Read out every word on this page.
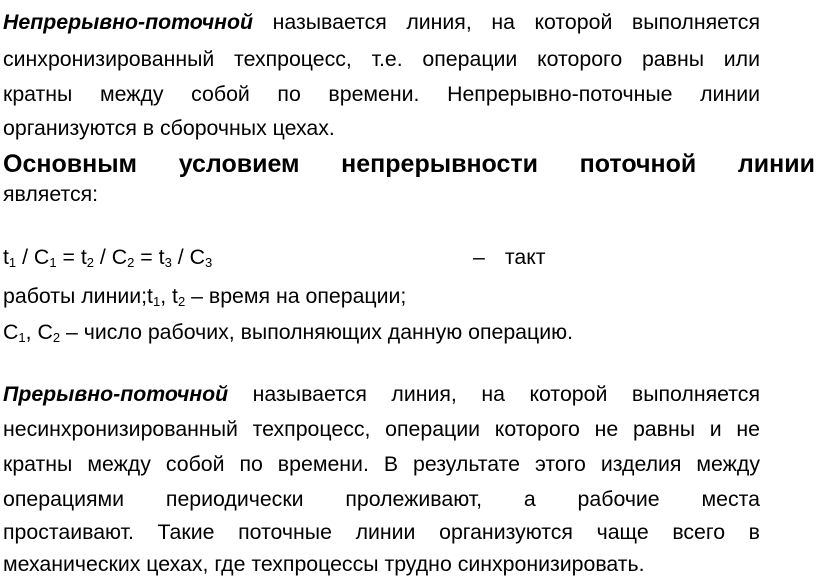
Непрерывно-поточной называется линия, на которой выполняется
синхронизированный техпроцесс, т.е. операции которого равны или
кратны между собой по времени. Непрерывно-поточные линии
организуются в сборочных цехах.
Основным условием непрерывности поточной линии
является:
$t_1 / C_1 = t_2 / C_2 = t_3 / C_3$	– такт
работы $линии;t_1$, $t_2$ – время на операции;
$C_1$, $C_2$ – число рабочих, выполняющих данную операцию.
Прерывно-поточной называется линия, на которой выполняется
несинхронизированный техпроцесс, операции которого не равны и не
кратны между собой по времени. В результате этого изделия между
операциями периодически пролеживают, а рабочие места
простаивают. Такие поточные линии организуются чаще всего в
механических цехах, где техпроцессы трудно синхронизировать.
